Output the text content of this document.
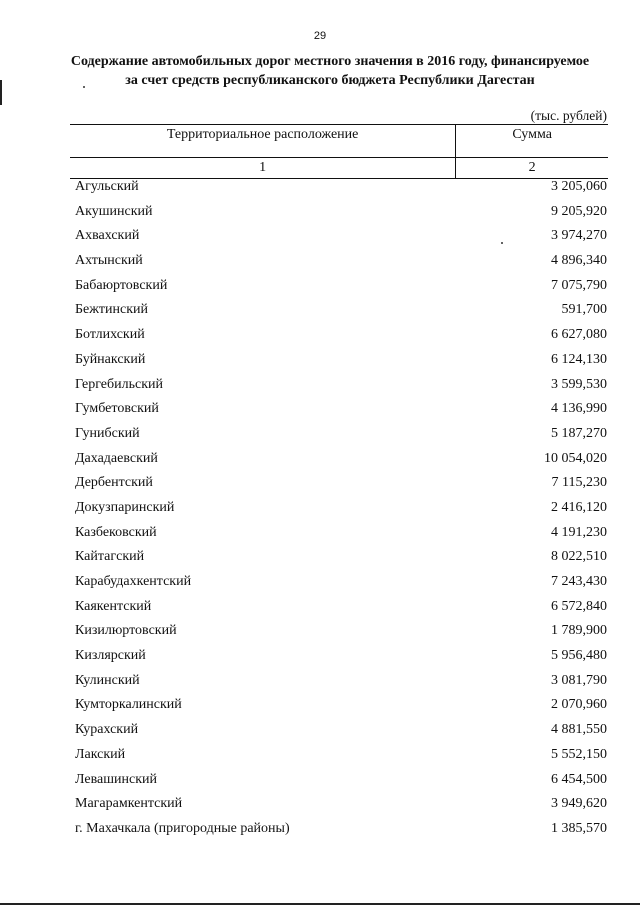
29
Содержание автомобильных дорог местного значения в 2016 году, финансируемое
за счет средств республиканского бюджета Республики Дагестан
(тыс. рублей)
Территориальное расположение	Сумма
1	2
Агульский	3 205,060
Акушинский	9 205,920
Ахвахский	3 974,270
Ахтынский	4 896,340
Бабаюртовский	7 075,790
Бежтинский	591,700
Ботлихский	6 627,080
Буйнакский	6 124,130
Гергебильский	3 599,530
Гумбетовский	4 136,990
Гунибский	5 187,270
Дахадаевский	10 054,020
Дербентский	7 115,230
Докузпаринский	2 416,120
Казбековский	4 191,230
Кайтагский	8 022,510
Карабудахкентский	7 243,430
Каякентский	6 572,840
Кизилюртовский	1 789,900
Кизлярский	5 956,480
Кулинский	3 081,790
Кумторкалинский	2 070,960
Курахский	4 881,550
Лакский	5 552,150
Левашинский	6 454,500
Магарамкентский	3 949,620
г. Махачкала (пригородные районы)	1 385,570
